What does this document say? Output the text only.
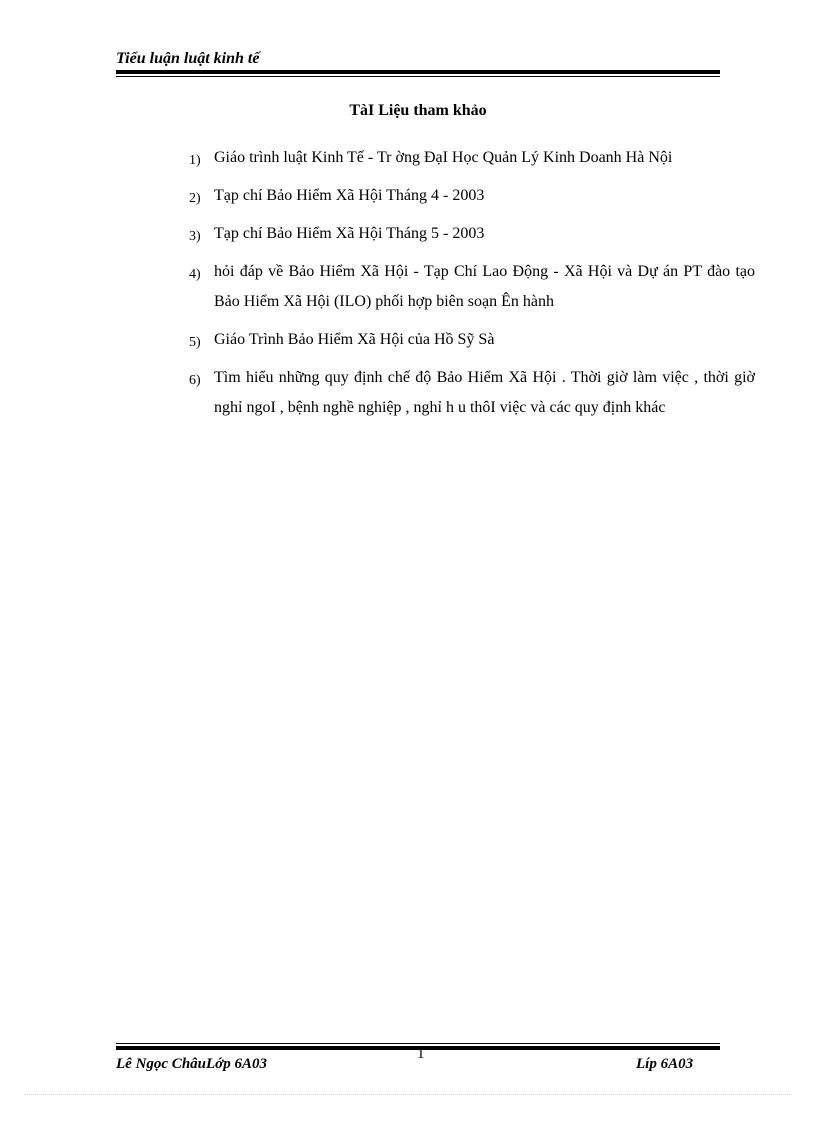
Tiểu luận luật kinh tế
TàI Liệu tham khảo
1) Giáo trình luật Kinh Tế - Tr ờng ĐạI Học Quản Lý Kinh Doanh Hà Nội
2) Tạp chí Bảo Hiểm Xã Hội Tháng 4 - 2003
3) Tạp chí Bảo Hiểm Xã Hội Tháng 5 - 2003
4) hỏi đáp về Bảo Hiểm Xã Hội - Tạp Chí Lao Động - Xã Hội và Dự án PT đào tạo Bảo Hiểm Xã Hội (ILO) phối hợp biên soạn Ên hành
5) Giáo Trình Bảo Hiểm Xã Hội của Hồ Sỹ Sà
6) Tìm hiểu những quy định chế độ Bảo Hiểm Xã Hội . Thời giờ làm việc , thời giờ nghỉ ngoI , bệnh nghề nghiệp , nghỉ h u thôI việc và các quy định khác
Lê Ngọc ChâuLớp 6A03
1
Líp 6A03
